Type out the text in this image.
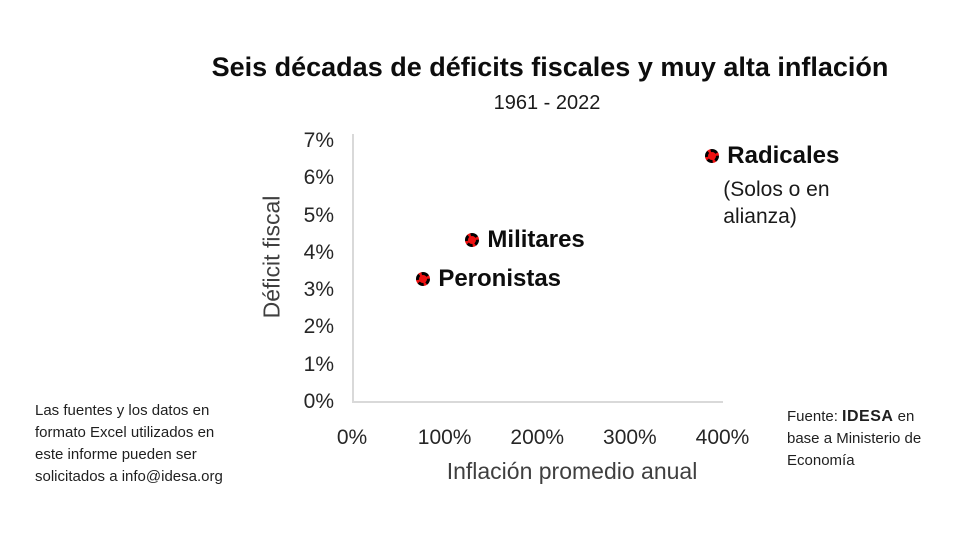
Seis décadas de déficits fiscales y muy alta inflación
1961 - 2022
Déficit fiscal
Inflación promedio anual
0%
1%
2%
3%
4%
5%
6%
7%
0%	100%	200%	300%	400%
Peronistas
Militares
Radicales
(Solos o en
alianza)
Las fuentes y los datos en
formato Excel utilizados en
este informe pueden ser
solicitados a info@idesa.org
Fuente: IDESA en
base a Ministerio de
Economía
